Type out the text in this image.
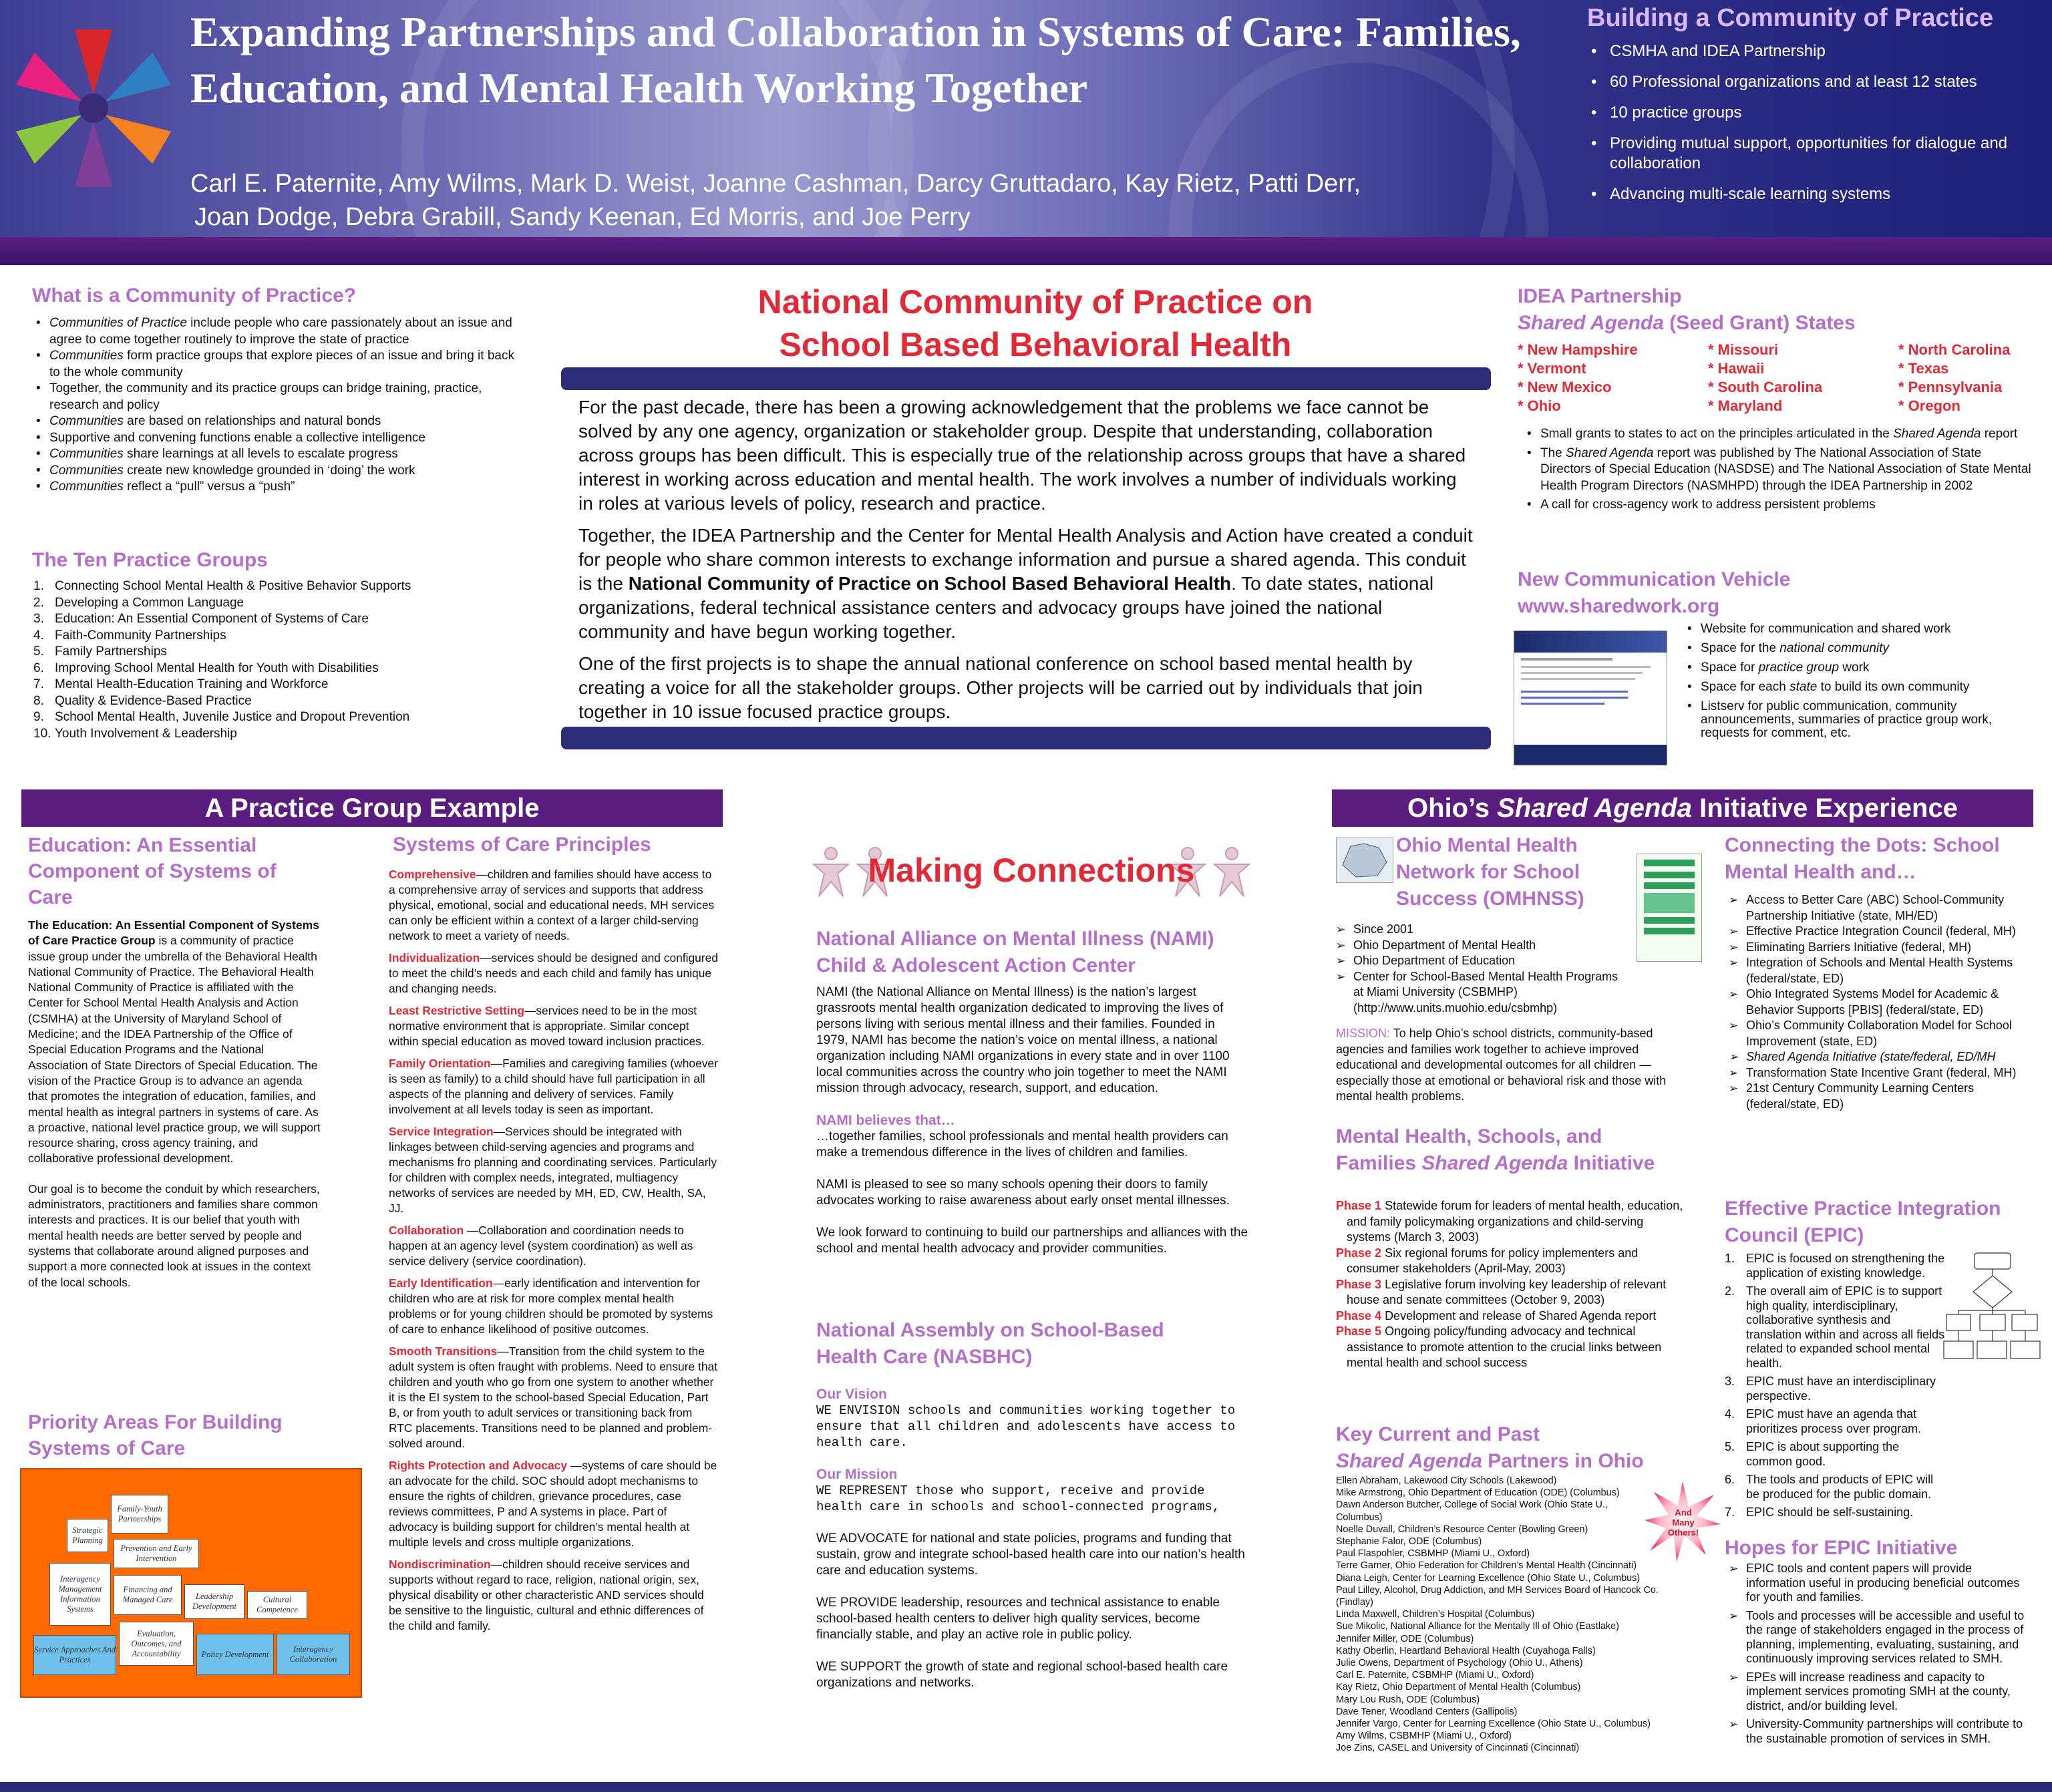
Expanding Partnerships and Collaboration in Systems of Care: Families, Education, and Mental Health Working Together
Carl E. Paternite, Amy Wilms, Mark D. Weist, Joanne Cashman, Darcy Gruttadaro, Kay Rietz, Patti Derr,
Joan Dodge, Debra Grabill, Sandy Keenan, Ed Morris, and Joe Perry
Building a Community of Practice
• CSMHA and IDEA Partnership
• 60 Professional organizations and at least 12 states
• 10 practice groups
• Providing mutual support, opportunities for dialogue and collaboration
• Advancing multi-scale learning systems
What is a Community of Practice?
• Communities of Practice include people who care passionately about an issue and agree to come together routinely to improve the state of practice
• Communities form practice groups that explore pieces of an issue and bring it back to the whole community
• Together, the community and its practice groups can bridge training, practice, research and policy
• Communities are based on relationships and natural bonds
• Supportive and convening functions enable a collective intelligence
• Communities share learnings at all levels to escalate progress
• Communities create new knowledge grounded in ‘doing’ the work
• Communities reflect a “pull” versus a “push”
The Ten Practice Groups
1. Connecting School Mental Health & Positive Behavior Supports
2. Developing a Common Language
3. Education: An Essential Component of Systems of Care
4. Faith-Community Partnerships
5. Family Partnerships
6. Improving School Mental Health for Youth with Disabilities
7. Mental Health-Education Training and Workforce
8. Quality & Evidence-Based Practice
9. School Mental Health, Juvenile Justice and Dropout Prevention
10. Youth Involvement & Leadership
National Community of Practice on
School Based Behavioral Health

For the past decade, there has been a growing acknowledgement that the problems we face cannot be solved by any one agency, organization or stakeholder group. Despite that understanding, collaboration across groups has been difficult. This is especially true of the relationship across groups that have a shared interest in working across education and mental health. The work involves a number of individuals working in roles at various levels of policy, research and practice.

Together, the IDEA Partnership and the Center for Mental Health Analysis and Action have created a conduit for people who share common interests to exchange information and pursue a shared agenda. This conduit is the National Community of Practice on School Based Behavioral Health. To date states, national organizations, federal technical assistance centers and advocacy groups have joined the national community and have begun working together.

One of the first projects is to shape the annual national conference on school based mental health by creating a voice for all the stakeholder groups. Other projects will be carried out by individuals that join together in 10 issue focused practice groups.

IDEA Partnership
Shared Agenda (Seed Grant) States
* New Hampshire	* Missouri	* North Carolina
* Vermont	* Hawaii	* Texas
* New Mexico	* South Carolina	* Pennsylvania
* Ohio	* Maryland	* Oregon
• Small grants to states to act on the principles articulated in the Shared Agenda report
• The Shared Agenda report was published by The National Association of State Directors of Special Education (NASDSE) and The National Association of State Mental Health Program Directors (NASMHPD) through the IDEA Partnership in 2002
• A call for cross-agency work to address persistent problems
New Communication Vehicle
www.sharedwork.org
• Website for communication and shared work
• Space for the national community
• Space for practice group work
• Space for each state to build its own community
• Listserv for public communication, community announcements, summaries of practice group work, requests for comment, etc.
A Practice Group Example
Education: An Essential Component of Systems of Care

The Education: An Essential Component of Systems of Care Practice Group is a community of practice issue group under the umbrella of the Behavioral Health National Community of Practice. The Behavioral Health National Community of Practice is affiliated with the Center for School Mental Health Analysis and Action (CSMHA) at the University of Maryland School of Medicine; and the IDEA Partnership of the Office of Special Education Programs and the National Association of State Directors of Special Education. The vision of the Practice Group is to advance an agenda that promotes the integration of education, families, and mental health as integral partners in systems of care. As a proactive, national level practice group, we will support resource sharing, cross agency training, and collaborative professional development.

Our goal is to become the conduit by which researchers, administrators, practitioners and families share common interests and practices. It is our belief that youth with mental health needs are better served by people and systems that collaborate around aligned purposes and support a more connected look at issues in the context of the local schools.

Priority Areas For Building Systems of Care
Family-Youth Partnerships
Strategic Planning
Prevention and Early Intervention
Interagency Management Information Systems
Financing and Managed Care	Leadership Development
Cultural Competence
Service Approaches And Practices
Evaluation, Outcomes, and Accountability	Policy Development
Interagency Collaboration
Systems of Care Principles

Comprehensive—children and families should have access to a comprehensive array of services and supports that address physical, emotional, social and educational needs. MH services can only be efficient within a context of a larger child-serving network to meet a variety of needs.

Individualization—services should be designed and configured to meet the child’s needs and each child and family has unique and changing needs.

Least Restrictive Setting—services need to be in the most normative environment that is appropriate. Similar concept within special education as moved toward inclusion practices.

Family Orientation—Families and caregiving families (whoever is seen as family) to a child should have full participation in all aspects of the planning and delivery of services. Family involvement at all levels today is seen as important.

Service Integration—Services should be integrated with linkages between child-serving agencies and programs and mechanisms fro planning and coordinating services. Particularly for children with complex needs, integrated, multiagency networks of services are needed by MH, ED, CW, Health, SA, JJ.

Collaboration —Collaboration and coordination needs to happen at an agency level (system coordination) as well as service delivery (service coordination).

Early Identification—early identification and intervention for children who are at risk for more complex mental health problems or for young children should be promoted by systems of care to enhance likelihood of positive outcomes.

Smooth Transitions—Transition from the child system to the adult system is often fraught with problems. Need to ensure that children and youth who go from one system to another whether it is the EI system to the school-based Special Education, Part B, or from youth to adult services or transitioning back from RTC placements. Transitions need to be planned and problem-solved around.

Rights Protection and Advocacy —systems of care should be an advocate for the child. SOC should adopt mechanisms to ensure the rights of children, grievance procedures, case reviews committees, P and A systems in place. Part of advocacy is building support for children’s mental health at multiple levels and cross multiple organizations.

Nondiscrimination—children should receive services and supports without regard to race, religion, national origin, sex, physical disability or other characteristic AND services should be sensitive to the linguistic, cultural and ethnic differences of the child and family.

Making Connections
National Alliance on Mental Illness (NAMI) Child & Adolescent Action Center

NAMI (the National Alliance on Mental Illness) is the nation’s largest grassroots mental health organization dedicated to improving the lives of persons living with serious mental illness and their families. Founded in 1979, NAMI has become the nation’s voice on mental illness, a national organization including NAMI organizations in every state and in over 1100 local communities across the country who join together to meet the NAMI mission through advocacy, research, support, and education.

NAMI believes that…

…together families, school professionals and mental health providers can make a tremendous difference in the lives of children and families.

NAMI is pleased to see so many schools opening their doors to family advocates working to raise awareness about early onset mental illnesses.

We look forward to continuing to build our partnerships and alliances with the school and mental health advocacy and provider communities.

National Assembly on School-Based Health Care (NASBHC)
Our Vision

WE ENVISION schools and communities working together to ensure that all children and adolescents have access to health care.

Our Mission

WE REPRESENT those who support, receive and provide health care in schools and school-connected programs,

WE ADVOCATE for national and state policies, programs and funding that sustain, grow and integrate school-based health care into our nation’s health care and education systems.

WE PROVIDE leadership, resources and technical assistance to enable school-based health centers to deliver high quality services, become financially stable, and play an active role in public policy.

WE SUPPORT the growth of state and regional school-based health care organizations and networks.

Ohio’s Shared Agenda Initiative Experience
Ohio Mental Health Network for School Success (OMHNSS)
➢ Since 2001
➢ Ohio Department of Mental Health
➢ Ohio Department of Education
➢ Center for School-Based Mental Health Programs at Miami University (CSBMHP) (http://www.units.muohio.edu/csbmhp)

MISSION: To help Ohio’s school districts, community-based agencies and families work together to achieve improved educational and developmental outcomes for all children — especially those at emotional or behavioral risk and those with mental health problems.

Mental Health, Schools, and Families Shared Agenda Initiative
Phase 1 Statewide forum for leaders of mental health, education, and family policymaking organizations and child-serving systems (March 3, 2003)
Phase 2 Six regional forums for policy implementers and consumer stakeholders (April-May, 2003)
Phase 3 Legislative forum involving key leadership of relevant house and senate committees (October 9, 2003)
Phase 4 Development and release of Shared Agenda report
Phase 5 Ongoing policy/funding advocacy and technical assistance to promote attention to the crucial links between mental health and school success
Key Current and Past
Shared Agenda Partners in Ohio
Ellen Abraham, Lakewood City Schools (Lakewood)
Mike Armstrong, Ohio Department of Education (ODE) (Columbus)
Dawn Anderson Butcher, College of Social Work (Ohio State U., Columbus)
Noelle Duvall, Children’s Resource Center (Bowling Green)
Stephanie Falor, ODE (Columbus)
Paul Flaspohler, CSBMHP (Miami U., Oxford)
Terre Garner, Ohio Federation for Children’s Mental Health (Cincinnati)
Diana Leigh, Center for Learning Excellence (Ohio State U., Columbus)
Paul Lilley, Alcohol, Drug Addiction, and MH Services Board of Hancock Co. (Findlay)
Linda Maxwell, Children’s Hospital (Columbus)
Sue Mikolic, National Alliance for the Mentally Ill of Ohio (Eastlake)
Jennifer Miller, ODE (Columbus)
Kathy Oberlin, Heartland Behavioral Health (Cuyahoga Falls)
Julie Owens, Department of Psychology (Ohio U., Athens)
Carl E. Paternite, CSBMHP (Miami U., Oxford)
Kay Rietz, Ohio Department of Mental Health (Columbus)
Mary Lou Rush, ODE (Columbus)
Dave Tener, Woodland Centers (Gallipolis)
Jennifer Vargo, Center for Learning Excellence (Ohio State U., Columbus)
Amy Wilms, CSBMHP (Miami U., Oxford)
Joe Zins, CASEL and University of Cincinnati (Cincinnati)
And Many Others!
Connecting the Dots: School Mental Health and…
➢ Access to Better Care (ABC) School-Community Partnership Initiative (state, MH/ED)
➢ Effective Practice Integration Council (federal, MH)
➢ Eliminating Barriers Initiative (federal, MH)
➢ Integration of Schools and Mental Health Systems (federal/state, ED)
➢ Ohio Integrated Systems Model for Academic & Behavior Supports [PBIS] (federal/state, ED)
➢ Ohio’s Community Collaboration Model for School Improvement (state, ED)
➢ Shared Agenda Initiative (state/federal, ED/MH
➢ Transformation State Incentive Grant (federal, MH)
➢ 21st Century Community Learning Centers (federal/state, ED)
Effective Practice Integration Council (EPIC)
1. EPIC is focused on strengthening the application of existing knowledge.
2. The overall aim of EPIC is to support high quality, interdisciplinary, collaborative synthesis and translation within and across all fields related to expanded school mental health.
3. EPIC must have an interdisciplinary perspective.
4. EPIC must have an agenda that prioritizes process over program.
5. EPIC is about supporting the common good.
6. The tools and products of EPIC will be produced for the public domain.
7. EPIC should be self-sustaining.
Hopes for EPIC Initiative
➢ EPIC tools and content papers will provide information useful in producing beneficial outcomes for youth and families.
➢ Tools and processes will be accessible and useful to the range of stakeholders engaged in the process of planning, implementing, evaluating, sustaining, and continuously improving services related to SMH.
➢ EPEs will increase readiness and capacity to implement services promoting SMH at the county, district, and/or building level.
➢ University-Community partnerships will contribute to the sustainable promotion of services in SMH.
